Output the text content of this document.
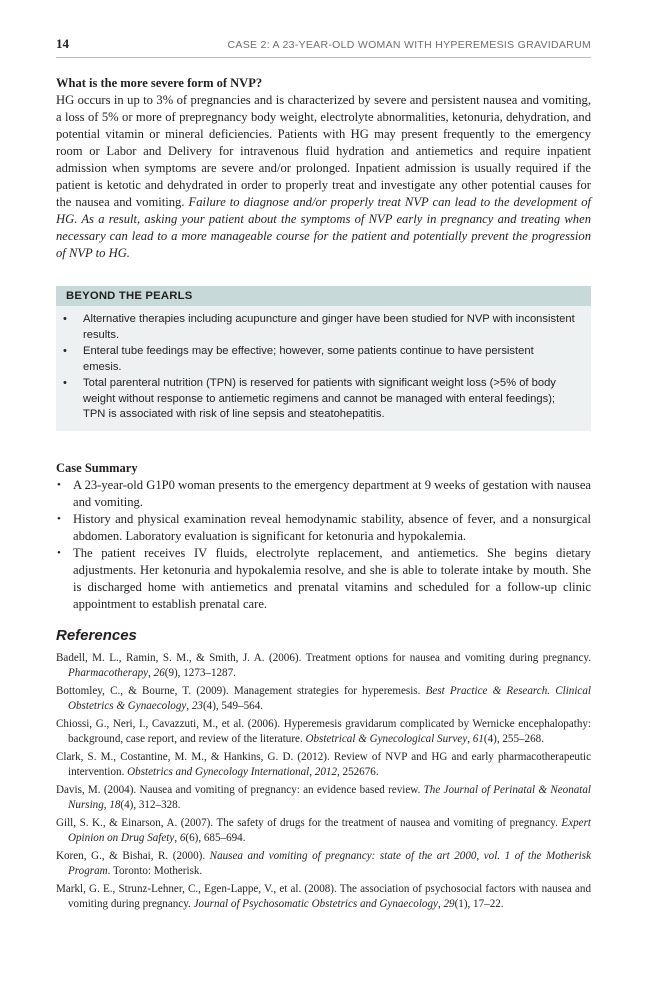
14	CASE 2: A 23-YEAR-OLD WOMAN WITH HYPEREMESIS GRAVIDARUM

What is the more severe form of NVP?

HG occurs in up to 3% of pregnancies and is characterized by severe and persistent nausea and vomiting, a loss of 5% or more of prepregnancy body weight, electrolyte abnormalities, ketonuria, dehydration, and potential vitamin or mineral deficiencies. Patients with HG may present frequently to the emergency room or Labor and Delivery for intravenous fluid hydration and antiemetics and require inpatient admission when symptoms are severe and/or prolonged. Inpatient admission is usually required if the patient is ketotic and dehydrated in order to properly treat and investigate any other potential causes for the nausea and vomiting. Failure to diagnose and/or properly treat NVP can lead to the development of HG. As a result, asking your patient about the symptoms of NVP early in pregnancy and treating when necessary can lead to a more manageable course for the patient and potentially prevent the progression of NVP to HG.

BEYOND THE PEARLS
• Alternative therapies including acupuncture and ginger have been studied for NVP with inconsistent results.
• Enteral tube feedings may be effective; however, some patients continue to have persistent emesis.
• Total parenteral nutrition (TPN) is reserved for patients with significant weight loss (>5% of body weight without response to antiemetic regimens and cannot be managed with enteral feedings); TPN is associated with risk of line sepsis and steatohepatitis.
Case Summary
• A 23-year-old G1P0 woman presents to the emergency department at 9 weeks of gestation with nausea and vomiting.
• History and physical examination reveal hemodynamic stability, absence of fever, and a nonsurgical abdomen. Laboratory evaluation is significant for ketonuria and hypokalemia.
• The patient receives IV fluids, electrolyte replacement, and antiemetics. She begins dietary adjustments. Her ketonuria and hypokalemia resolve, and she is able to tolerate intake by mouth. She is discharged home with antiemetics and prenatal vitamins and scheduled for a follow-up clinic appointment to establish prenatal care.
References

Badell, M. L., Ramin, S. M., & Smith, J. A. (2006). Treatment options for nausea and vomiting during pregnancy. Pharmacotherapy, 26(9), 1273–1287.

Bottomley, C., & Bourne, T. (2009). Management strategies for hyperemesis. Best Practice & Research. Clinical Obstetrics & Gynaecology, 23(4), 549–564.

Chiossi, G., Neri, I., Cavazzuti, M., et al. (2006). Hyperemesis gravidarum complicated by Wernicke encephalopathy: background, case report, and review of the literature. Obstetrical & Gynecological Survey, 61(4), 255–268.

Clark, S. M., Costantine, M. M., & Hankins, G. D. (2012). Review of NVP and HG and early pharmacotherapeutic intervention. Obstetrics and Gynecology International, 2012, 252676.

Davis, M. (2004). Nausea and vomiting of pregnancy: an evidence based review. The Journal of Perinatal & Neonatal Nursing, 18(4), 312–328.

Gill, S. K., & Einarson, A. (2007). The safety of drugs for the treatment of nausea and vomiting of pregnancy. Expert Opinion on Drug Safety, 6(6), 685–694.

Koren, G., & Bishai, R. (2000). Nausea and vomiting of pregnancy: state of the art 2000, vol. 1 of the Motherisk Program. Toronto: Motherisk.

Markl, G. E., Strunz-Lehner, C., Egen-Lappe, V., et al. (2008). The association of psychosocial factors with nausea and vomiting during pregnancy. Journal of Psychosomatic Obstetrics and Gynaecology, 29(1), 17–22.
